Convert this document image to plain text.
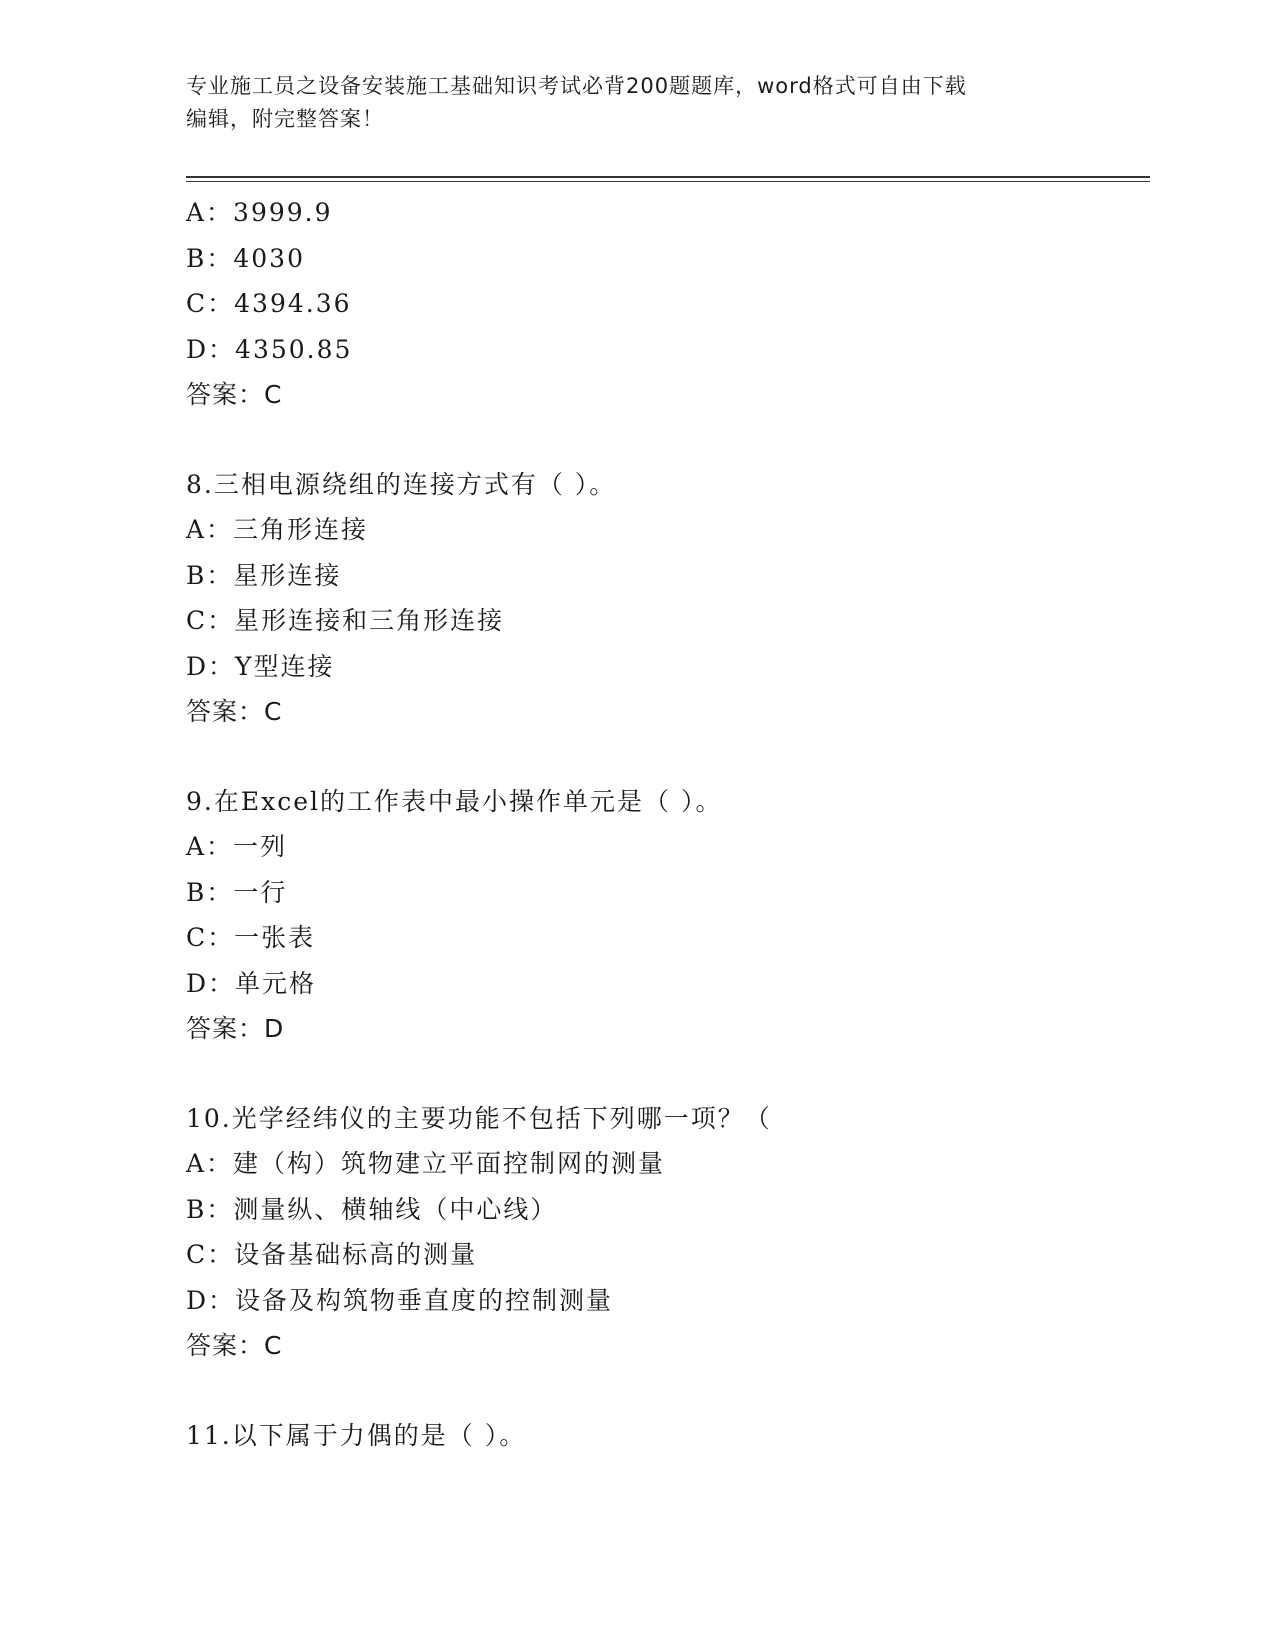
专业施工员之设备安装施工基础知识考试必背200题题库，word格式可自由下载
编辑，附完整答案！
A：3999.9
B：4030
C：4394.36
D：4350.85
答案：C
8.三相电源绕组的连接方式有（ ）。
A：三角形连接
B：星形连接
C：星形连接和三角形连接
D：Y型连接
答案：C
9.在Excel的工作表中最小操作单元是（ ）。
A：一列
B：一行
C：一张表
D：单元格
答案：D
10.光学经纬仪的主要功能不包括下列哪一项？（
A：建（构）筑物建立平面控制网的测量
B：测量纵、横轴线（中心线）
C：设备基础标高的测量
D：设备及构筑物垂直度的控制测量
答案：C
11.以下属于力偶的是（ ）。
